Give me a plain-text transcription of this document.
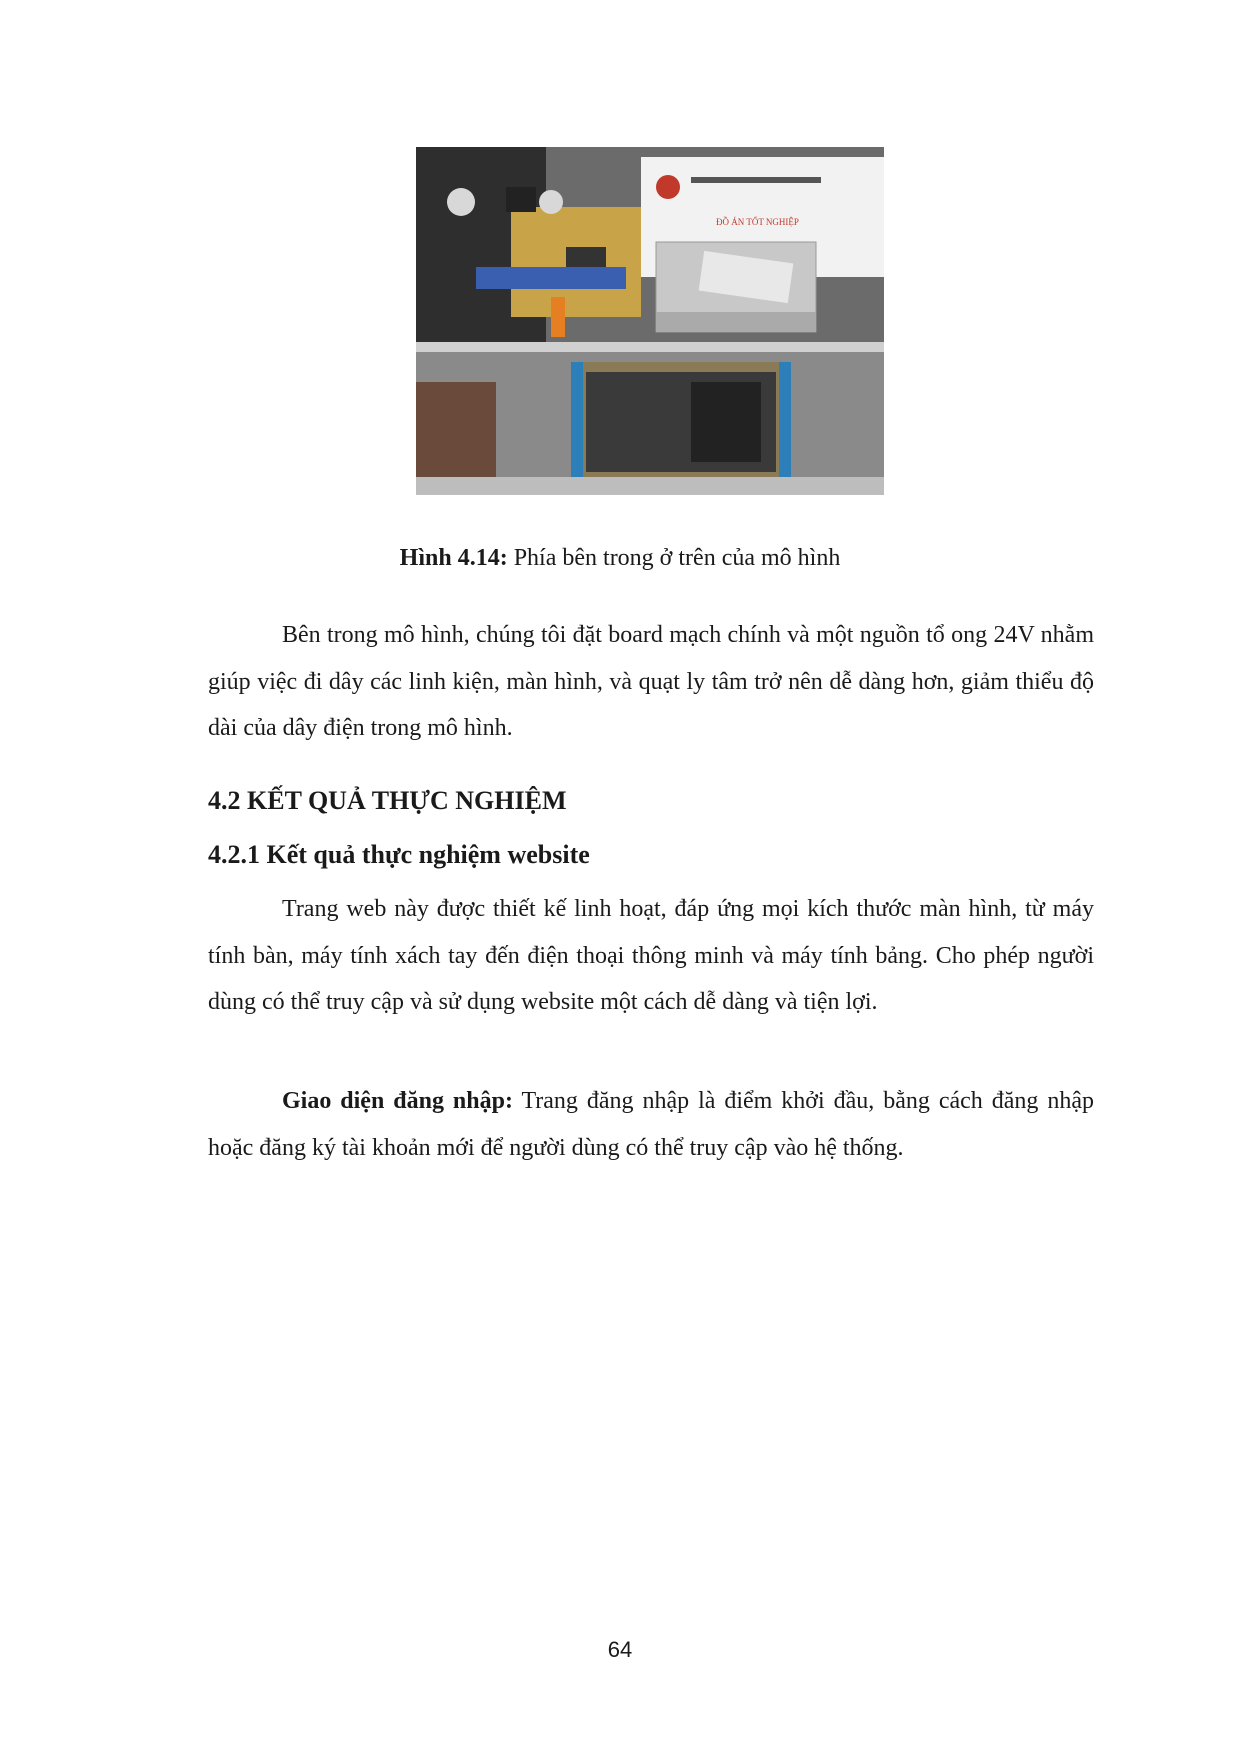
ĐỒ ÁN TỐT NGHIỆP
Hình 4.14: Phía bên trong ở trên của mô hình

Bên trong mô hình, chúng tôi đặt board mạch chính và một nguồn tổ ong 24V nhằm giúp việc đi dây các linh kiện, màn hình, và quạt ly tâm trở nên dễ dàng hơn, giảm thiểu độ dài của dây điện trong mô hình.

4.2 KẾT QUẢ THỰC NGHIỆM
4.2.1 Kết quả thực nghiệm website

Trang web này được thiết kế linh hoạt, đáp ứng mọi kích thước màn hình, từ máy tính bàn, máy tính xách tay đến điện thoại thông minh và máy tính bảng. Cho phép người dùng có thể truy cập và sử dụng website một cách dễ dàng và tiện lợi.

Giao diện đăng nhập: Trang đăng nhập là điểm khởi đầu, bằng cách đăng nhập hoặc đăng ký tài khoản mới để người dùng có thể truy cập vào hệ thống.

64
